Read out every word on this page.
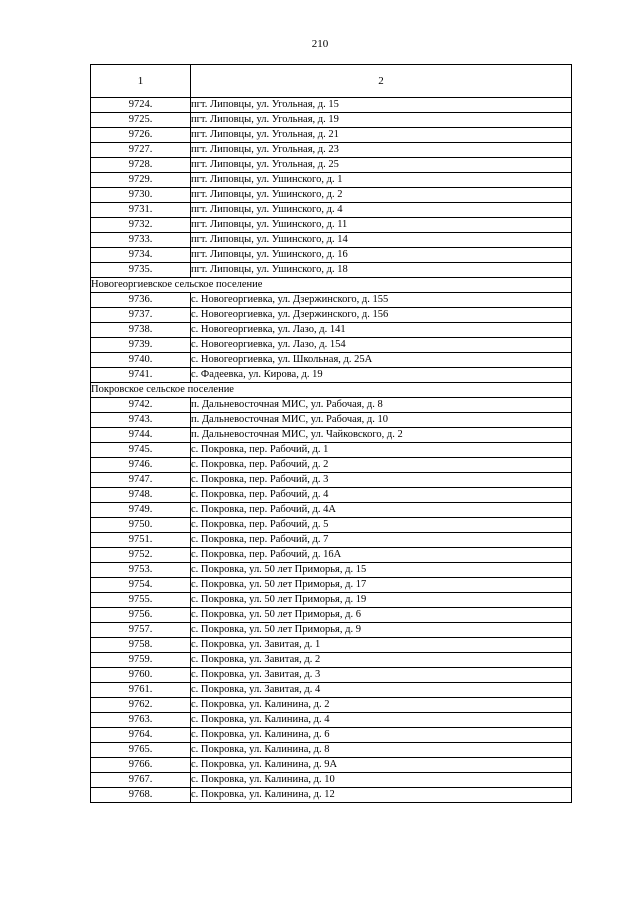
210
1	2
9724.	пгт. Липовцы, ул. Угольная, д. 15
9725.	пгт. Липовцы, ул. Угольная, д. 19
9726.	пгт. Липовцы, ул. Угольная, д. 21
9727.	пгт. Липовцы, ул. Угольная, д. 23
9728.	пгт. Липовцы, ул. Угольная, д. 25
9729.	пгт. Липовцы, ул. Ушинского, д. 1
9730.	пгт. Липовцы, ул. Ушинского, д. 2
9731.	пгт. Липовцы, ул. Ушинского, д. 4
9732.	пгт. Липовцы, ул. Ушинского, д. 11
9733.	пгт. Липовцы, ул. Ушинского, д. 14
9734.	пгт. Липовцы, ул. Ушинского, д. 16
9735.	пгт. Липовцы, ул. Ушинского, д. 18
Новогеоргиевское сельское поселение	
9736.	с. Новогеоргиевка, ул. Дзержинского, д. 155
9737.	с. Новогеоргиевка, ул. Дзержинского, д. 156
9738.	с. Новогеоргиевка, ул. Лазо, д. 141
9739.	с. Новогеоргиевка, ул. Лазо, д. 154
9740.	с. Новогеоргиевка, ул. Школьная, д. 25А
9741.	с. Фадеевка, ул. Кирова, д. 19
Покровское сельское поселение	
9742.	п. Дальневосточная МИС, ул. Рабочая, д. 8
9743.	п. Дальневосточная МИС, ул. Рабочая, д. 10
9744.	п. Дальневосточная МИС, ул. Чайковского, д. 2
9745.	с. Покровка, пер. Рабочий, д. 1
9746.	с. Покровка, пер. Рабочий, д. 2
9747.	с. Покровка, пер. Рабочий, д. 3
9748.	с. Покровка, пер. Рабочий, д. 4
9749.	с. Покровка, пер. Рабочий, д. 4А
9750.	с. Покровка, пер. Рабочий, д. 5
9751.	с. Покровка, пер. Рабочий, д. 7
9752.	с. Покровка, пер. Рабочий, д. 16А
9753.	с. Покровка, ул. 50 лет Приморья, д. 15
9754.	с. Покровка, ул. 50 лет Приморья, д. 17
9755.	с. Покровка, ул. 50 лет Приморья, д. 19
9756.	с. Покровка, ул. 50 лет Приморья, д. 6
9757.	с. Покровка, ул. 50 лет Приморья, д. 9
9758.	с. Покровка, ул. Завитая, д. 1
9759.	с. Покровка, ул. Завитая, д. 2
9760.	с. Покровка, ул. Завитая, д. 3
9761.	с. Покровка, ул. Завитая, д. 4
9762.	с. Покровка, ул. Калинина, д. 2
9763.	с. Покровка, ул. Калинина, д. 4
9764.	с. Покровка, ул. Калинина, д. 6
9765.	с. Покровка, ул. Калинина, д. 8
9766.	с. Покровка, ул. Калинина, д. 9А
9767.	с. Покровка, ул. Калинина, д. 10
9768.	с. Покровка, ул. Калинина, д. 12
